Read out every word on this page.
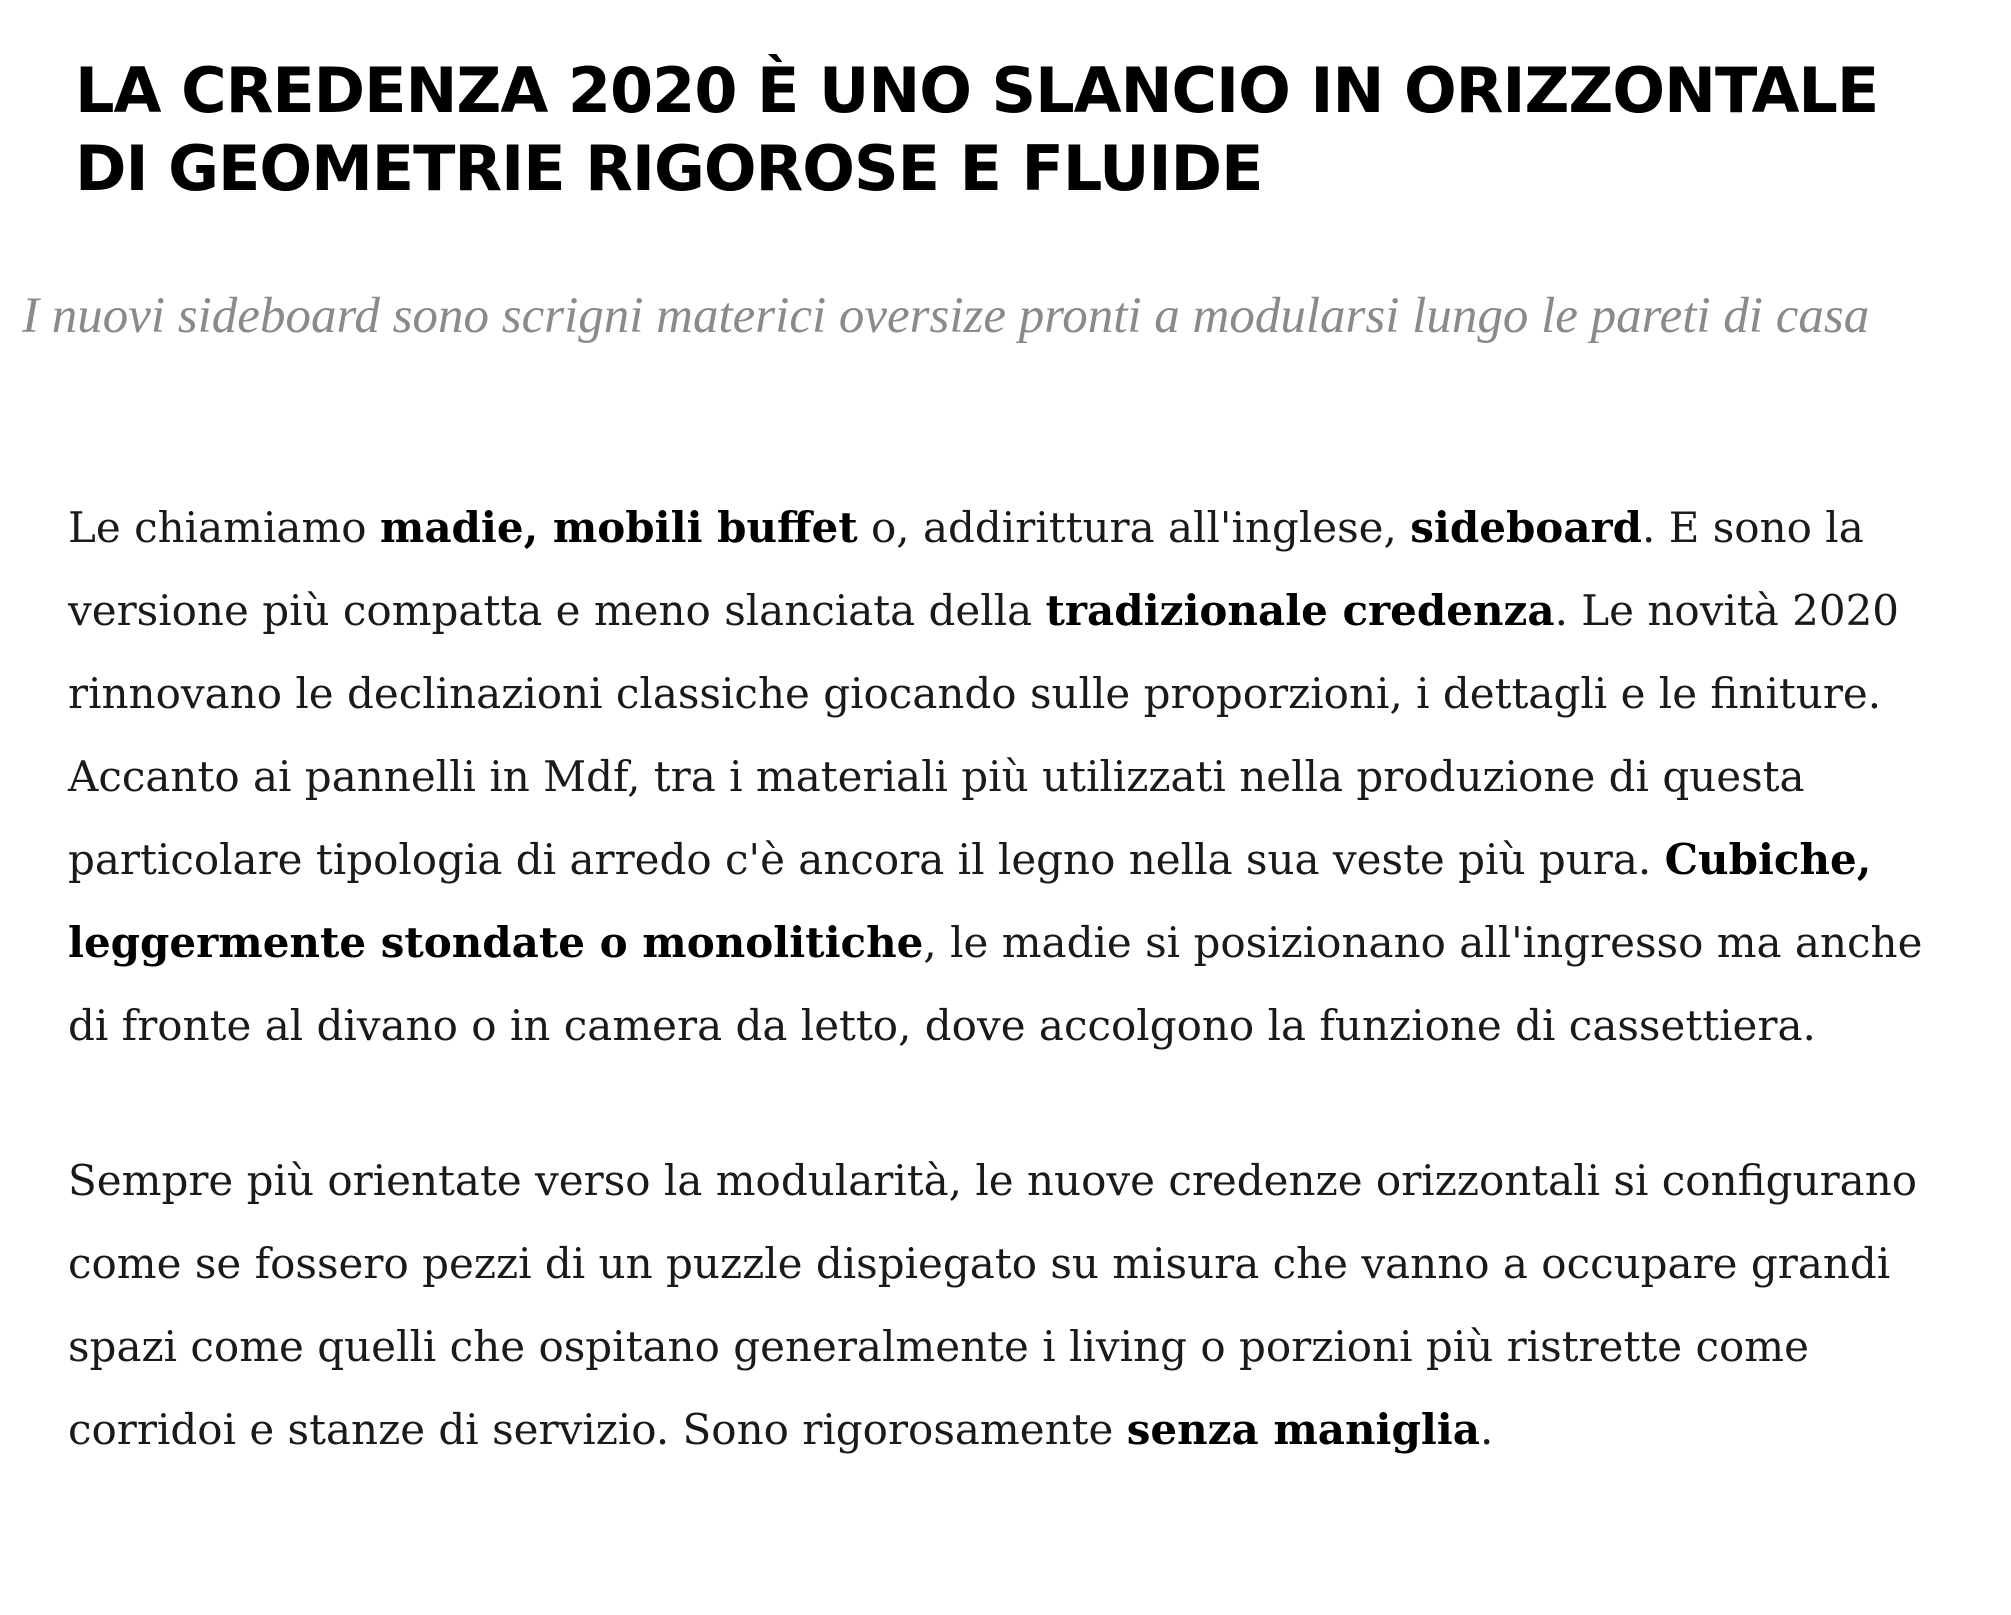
LA CREDENZA 2020 È UNO SLANCIO IN ORIZZONTALE DI GEOMETRIE RIGOROSE E FLUIDE

I nuovi sideboard sono scrigni materici oversize pronti a modularsi lungo le pareti di casa

Le chiamiamo madie, mobili buffet o, addirittura all'inglese, sideboard. E sono la versione più compatta e meno slanciata della tradizionale credenza. Le novità 2020 rinnovano le declinazioni classiche giocando sulle proporzioni, i dettagli e le finiture. Accanto ai pannelli in Mdf, tra i materiali più utilizzati nella produzione di questa particolare tipologia di arredo c'è ancora il legno nella sua veste più pura. Cubiche, leggermente stondate o monolitiche, le madie si posizionano all'ingresso ma anche di fronte al divano o in camera da letto, dove accolgono la funzione di cassettiera.

Sempre più orientate verso la modularità, le nuove credenze orizzontali si configurano come se fossero pezzi di un puzzle dispiegato su misura che vanno a occupare grandi spazi come quelli che ospitano generalmente i living o porzioni più ristrette come corridoi e stanze di servizio. Sono rigorosamente senza maniglia.
